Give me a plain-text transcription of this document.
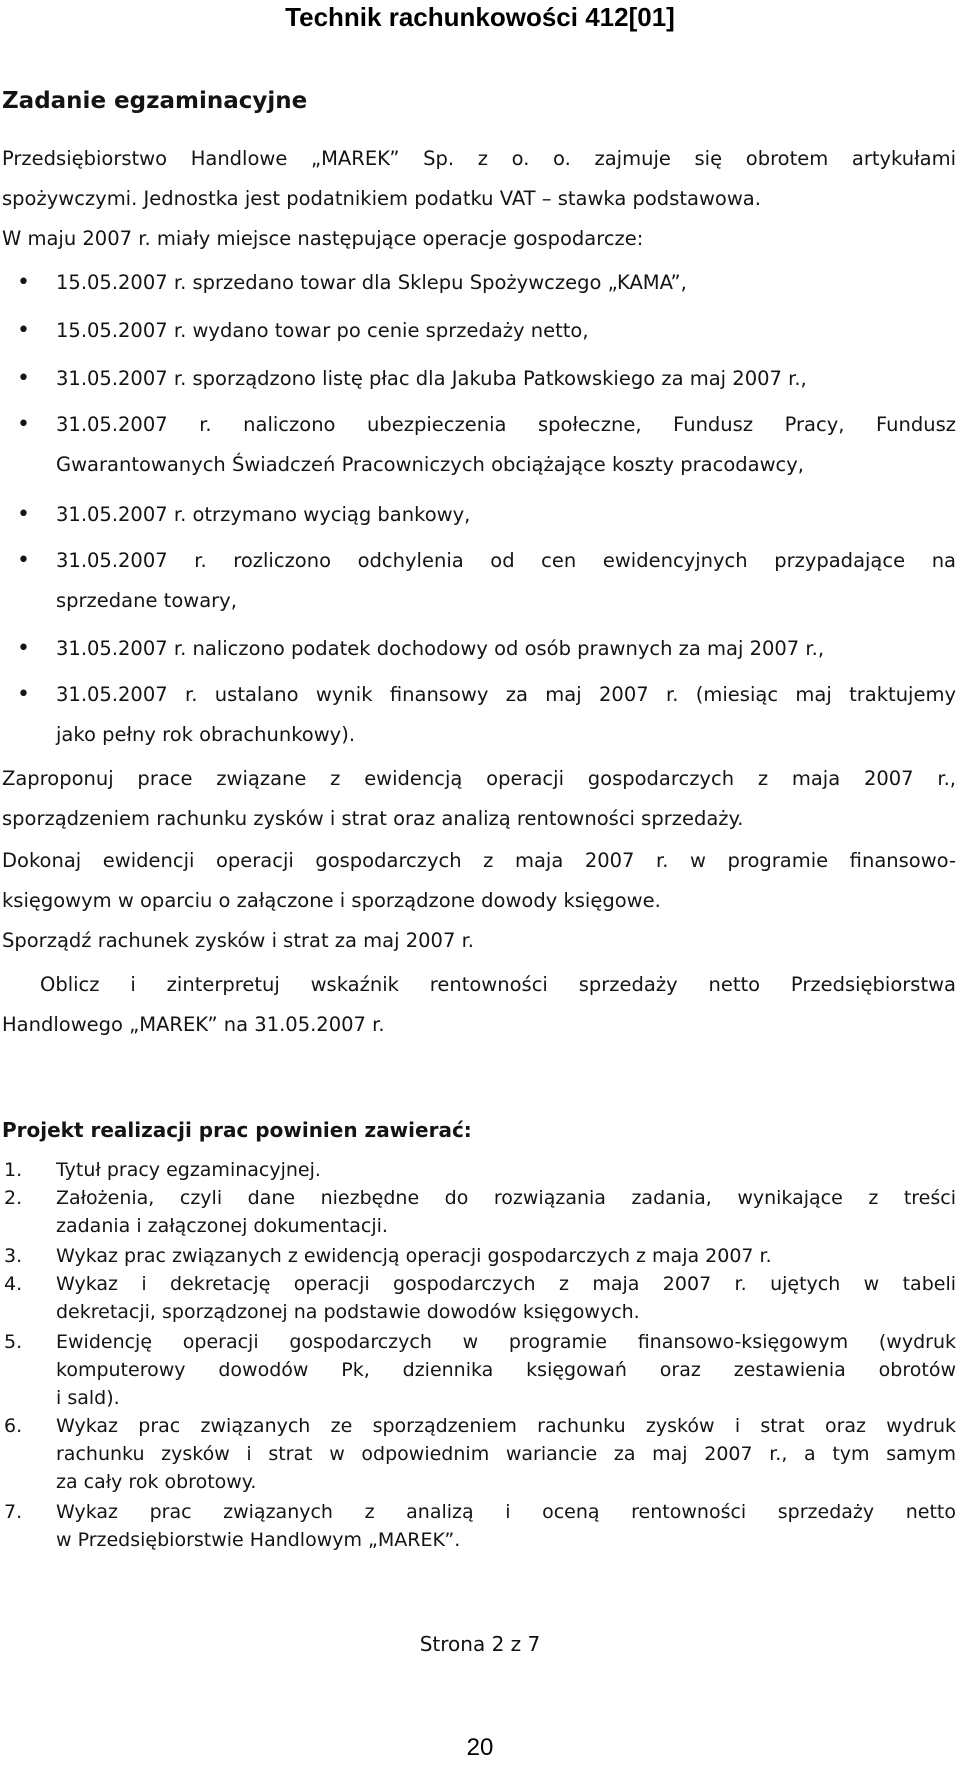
Technik rachunkowości 412[01]
Zadanie egzaminacyjne
Przedsiębiorstwo Handlowe „MAREK” Sp. z o. o. zajmuje się obrotem artykułami
spożywczymi. Jednostka jest podatnikiem podatku VAT – stawka podstawowa.
W maju 2007 r. miały miejsce następujące operacje gospodarcze:
• 15.05.2007 r. sprzedano towar dla Sklepu Spożywczego „KAMA”,
• 15.05.2007 r. wydano towar po cenie sprzedaży netto,
• 31.05.2007 r. sporządzono listę płac dla Jakuba Patkowskiego za maj 2007 r.,
• 31.05.2007 r. naliczono ubezpieczenia społeczne, Fundusz Pracy, Fundusz
Gwarantowanych Świadczeń Pracowniczych obciążające koszty pracodawcy,
• 31.05.2007 r. otrzymano wyciąg bankowy,
• 31.05.2007 r. rozliczono odchylenia od cen ewidencyjnych przypadające na
sprzedane towary,
• 31.05.2007 r. naliczono podatek dochodowy od osób prawnych za maj 2007 r.,
• 31.05.2007 r. ustalano wynik finansowy za maj 2007 r. (miesiąc maj traktujemy
jako pełny rok obrachunkowy).
Zaproponuj prace związane z ewidencją operacji gospodarczych z maja 2007 r.,
sporządzeniem rachunku zysków i strat oraz analizą rentowności sprzedaży.
Dokonaj ewidencji operacji gospodarczych z maja 2007 r. w programie finansowo-
księgowym w oparciu o załączone i sporządzone dowody księgowe.
Sporządź rachunek zysków i strat za maj 2007 r.
Oblicz i zinterpretuj wskaźnik rentowności sprzedaży netto Przedsiębiorstwa
Handlowego „MAREK” na 31.05.2007 r.
Projekt realizacji prac powinien zawierać:
1. Tytuł pracy egzaminacyjnej.
2. Założenia, czyli dane niezbędne do rozwiązania zadania, wynikające z treści
zadania i załączonej dokumentacji.
3. Wykaz prac związanych z ewidencją operacji gospodarczych z maja 2007 r.
4. Wykaz i dekretację operacji gospodarczych z maja 2007 r. ujętych w tabeli
dekretacji, sporządzonej na podstawie dowodów księgowych.
5. Ewidencję operacji gospodarczych w programie finansowo-księgowym (wydruk
komputerowy dowodów Pk, dziennika księgowań oraz zestawienia obrotów
i sald).
6. Wykaz prac związanych ze sporządzeniem rachunku zysków i strat oraz wydruk
rachunku zysków i strat w odpowiednim wariancie za maj 2007 r., a tym samym
za cały rok obrotowy.
7. Wykaz prac związanych z analizą i oceną rentowności sprzedaży netto
w Przedsiębiorstwie Handlowym „MAREK”.
Strona 2 z 7
20
